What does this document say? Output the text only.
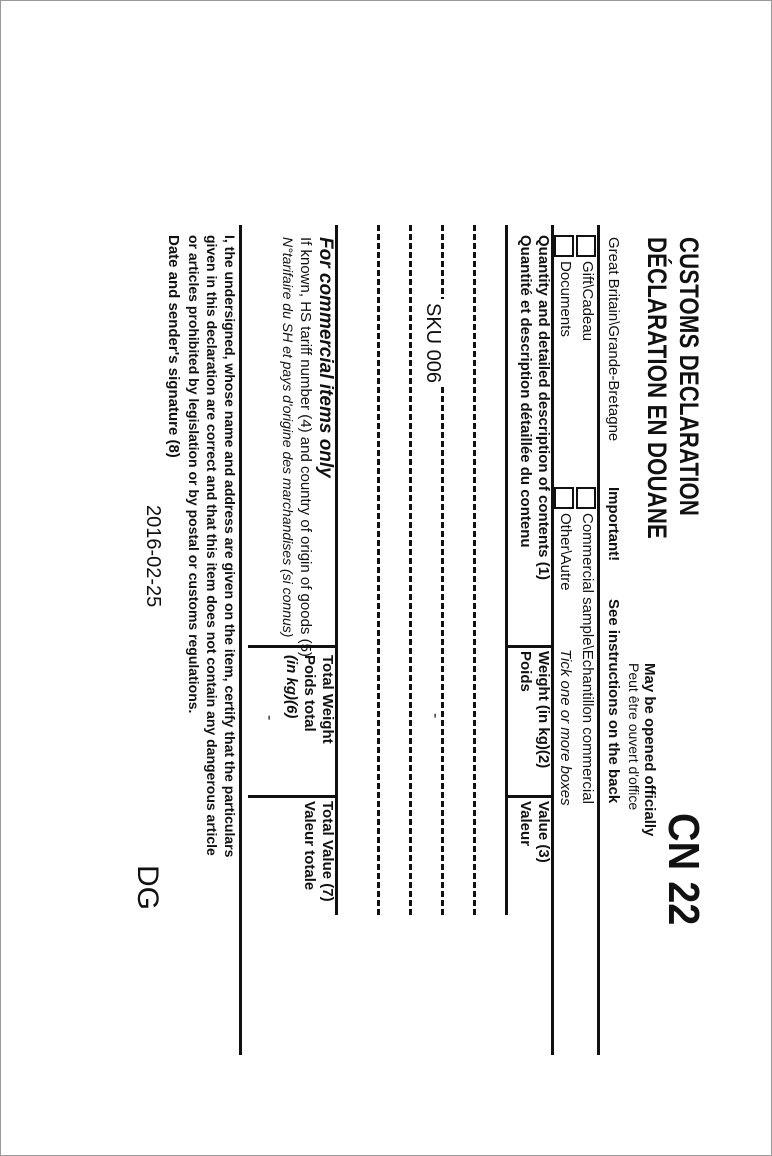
CUSTOMS DECLARATION
DÉCLARATION EN DOUANE
CN 22
May be opened officially
Peut être ouvert d'office
Great Britain\Grande-Bretagne
Important!
See instructions on the back
Gift\Cadeau
Documents
Commercial sample\Echantillon commercial
Other\Autre
Tick one or more boxes
Quantity and detailed description of contents (1)
Quantité et description détaillée du contenu
Weight (in kg)(2)
Poids
Value (3)
Valeur
SKU 006
-
For commercial items only
If known, HS tariff number (4) and country of origin of goods (5)
N°tarifaire du SH et pays d'origine des marchandises (si connus)
Total Weight
Poids total
(in kg)(6)
-
Total Value (7)
Valeur totale
I, the undersigned, whose name and address are given on the item, certify that the particulars
given in this declaration are correct and that this item does not contain any dangerous article
or articles prohibited by legislation or by postal or customs regulations.
Date and sender's signature (8)
2016-02-25
DG
